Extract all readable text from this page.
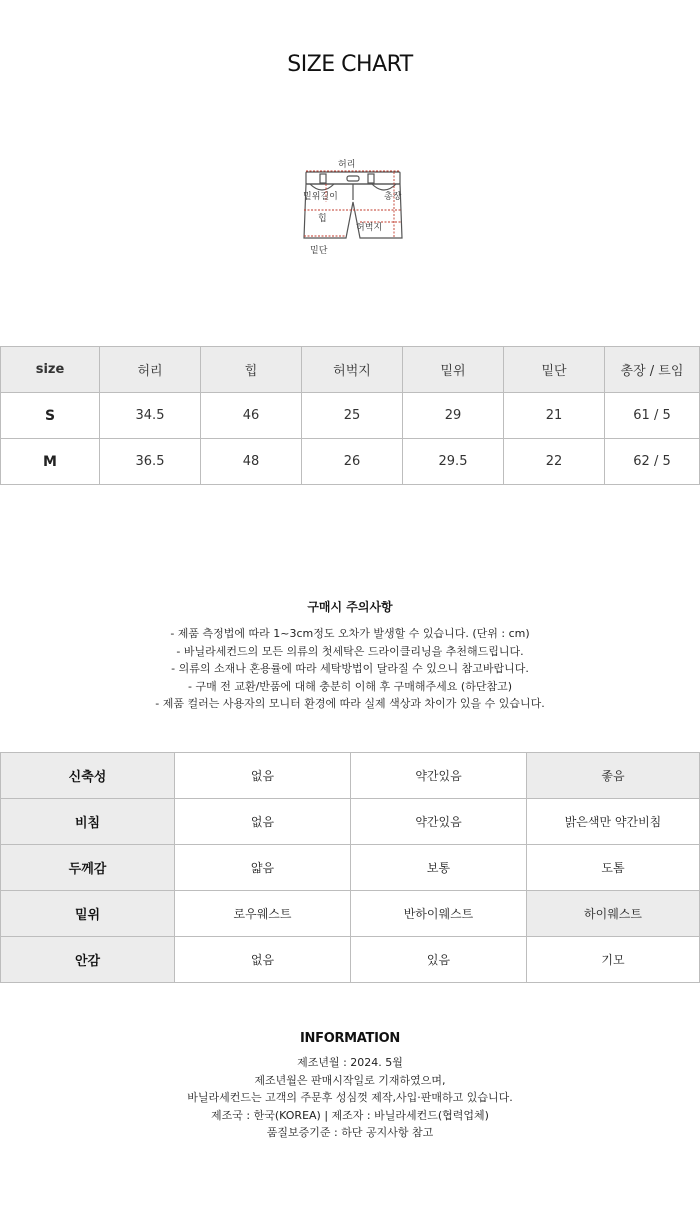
SIZE CHART
허리
밑위길이	총장
힙
허벅지
밑단
size	허리	힙	허벅지	밑위	밑단	총장 / 트임
S	34.5	46	25	29	21	61 / 5
M	36.5	48	26	29.5	22	62 / 5
구매시 주의사항

- 제품 측정법에 따라 1~3cm정도 오차가 발생할 수 있습니다. (단위 : cm)

- 바닐라세컨드의 모든 의류의 첫세탁은 드라이클리닝을 추천해드립니다.

- 의류의 소재나 혼용률에 따라 세탁방법이 달라질 수 있으니 참고바랍니다.

- 구매 전 교환/반품에 대해 충분히 이해 후 구매해주세요 (하단참고)

- 제품 컬러는 사용자의 모니터 환경에 따라 실제 색상과 차이가 있을 수 있습니다.

신축성	없음	약간있음	좋음
비침	없음	약간있음	밝은색만 약간비침
두께감	얇음	보통	도톰
밑위	로우웨스트	반하이웨스트	하이웨스트
안감	없음	있음	기모
INFORMATION

제조년월 : 2024. 5월

제조년월은 판매시작일로 기재하였으며,

바닐라세컨드는 고객의 주문후 성심껏 제작,사입·판매하고 있습니다.

제조국 : 한국(KOREA) | 제조자 : 바닐라세컨드(협력업체)

품질보증기준 : 하단 공지사항 참고
